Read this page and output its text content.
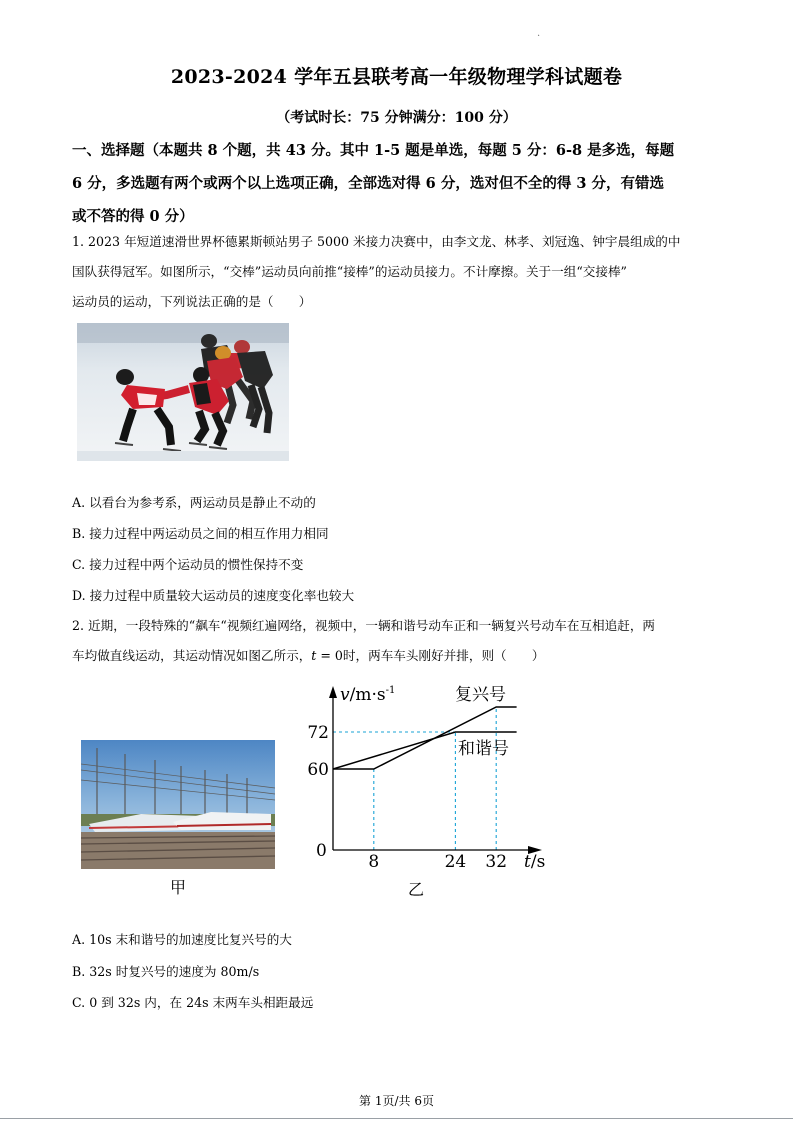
.
2023-2024 学年五县联考高一年级物理学科试题卷
（考试时长：75 分钟满分：100 分）
一、选择题（本题共 8 个题，共 43 分。其中 1-5 题是单选，每题 5 分：6-8 是多选，每题
6 分，多选题有两个或两个以上选项正确，全部选对得 6 分，选对但不全的得 3 分，有错选
或不答的得 0 分）
1. 2023 年短道速滑世界杯德累斯顿站男子 5000 米接力决赛中，由李文龙、林孝、刘冠逸、钟宇晨组成的中
国队获得冠军。如图所示，“交棒”运动员向前推“接棒”的运动员接力。不计摩擦。关于一组“交接棒”
运动员的运动，下列说法正确的是（　　）
A. 以看台为参考系，两运动员是静止不动的
B. 接力过程中两运动员之间的相互作用力相同
C. 接力过程中两个运动员的惯性保持不变
D. 接力过程中质量较大运动员的速度变化率也较大
2. 近期，一段特殊的“飙车“视频红遍网络，视频中，一辆和谐号动车正和一辆复兴号动车在互相追赶，两
车均做直线运动，其运动情况如图乙所示，t = 0时，两车车头刚好并排，则（　　）
甲
$v/m\cdot s^{-1}$
t/s
0
复兴号
和谐号
8	24 32
60
72
乙
A. 10s 末和谐号的加速度比复兴号的大
B. 32s 时复兴号的速度为 80m/s
C. 0 到 32s 内，在 24s 末两车头相距最远
第 1页/共 6页
